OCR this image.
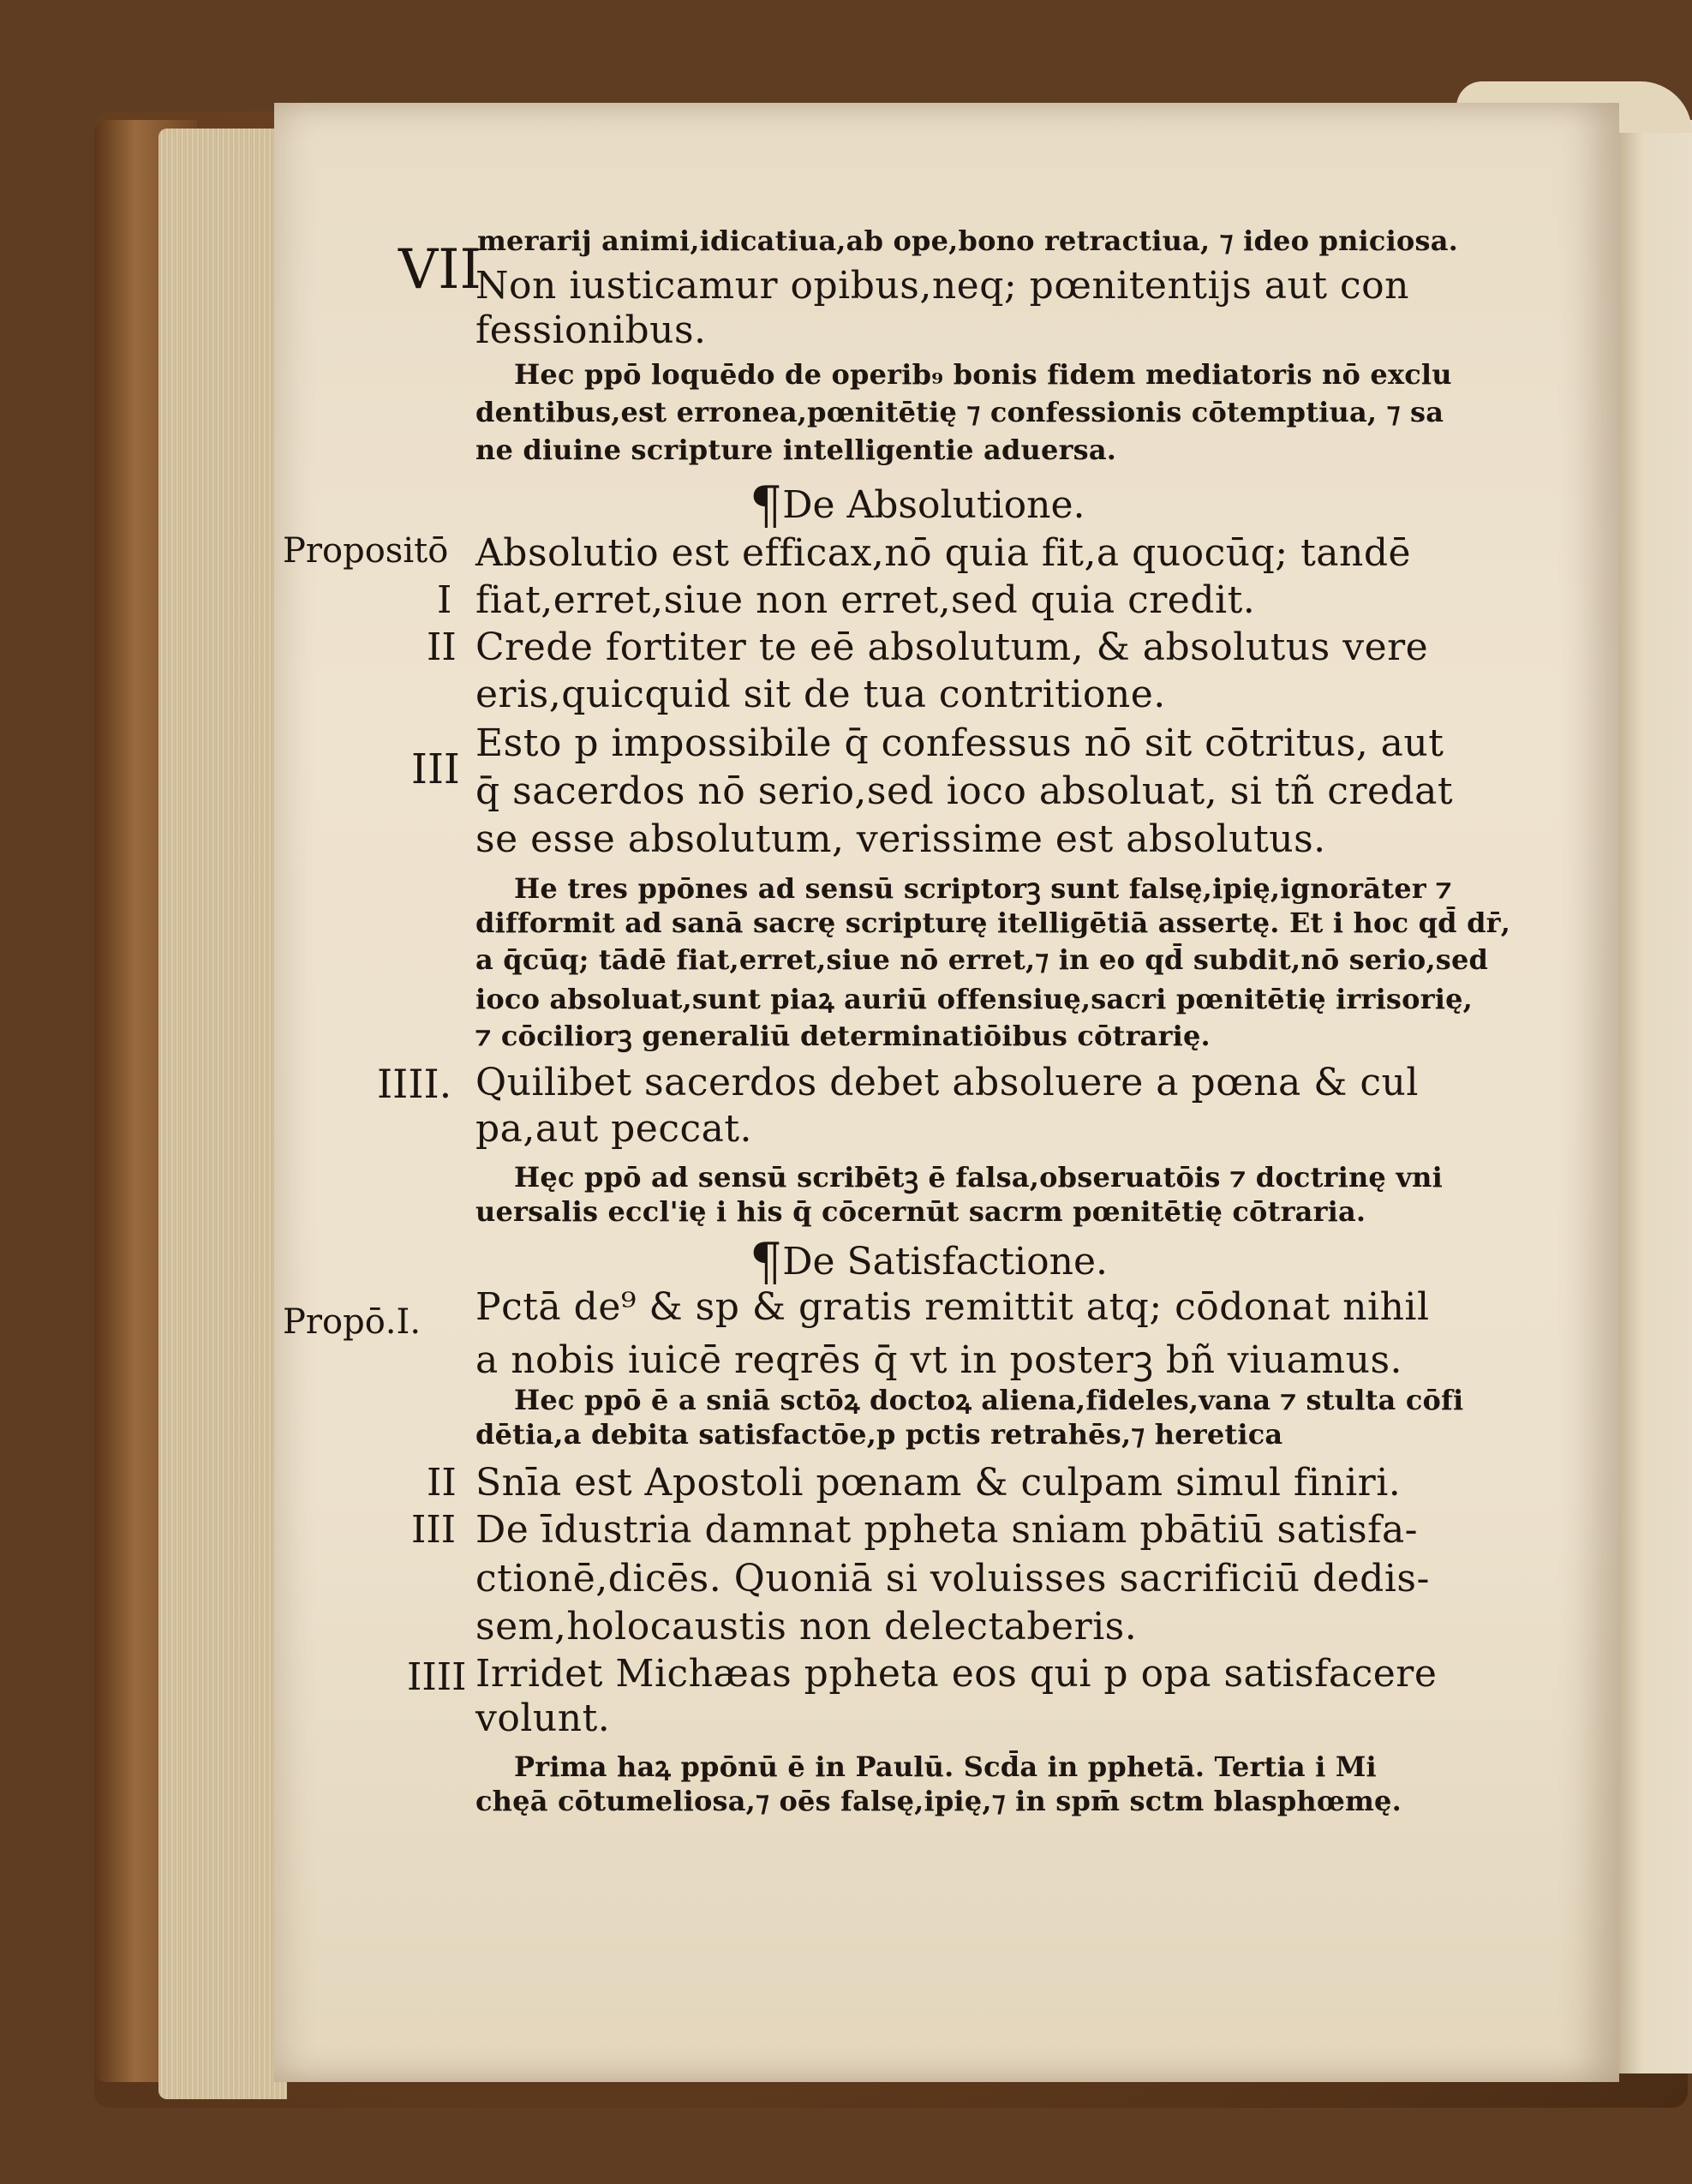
merarij animi,idicatiua,ab ope,bono retractiua, ⁊ ideo pniciosa.
VII
Non iusticamur opibus,neq; pœnitentijs aut con
fessionibus.
Hec ppō loquēdo de operib₉ bonis fidem mediatoris nō exclu
dentibus,est erronea,pœnitētię ⁊ confessionis cōtemptiua, ⁊ sa
ne diuine scripture intelligentie aduersa.
¶De Absolutione.
Propositō Absolutio est efficax,nō quia fit,a quocūq; tandē
I fiat,erret,siue non erret,sed quia credit.
II Crede fortiter te eē absolutum, & absolutus vere
eris,quicquid sit de tua contritione.
Esto p impossibile q̄ confessus nō sit cōtritus, aut
III q̄ sacerdos nō serio,sed ioco absoluat, si tñ credat
se esse absolutum, verissime est absolutus.
He tres ppōnes ad sensū scriptorꝫ sunt falsę,ipię,ignorāter ⁊
difformit ad sanā sacrę scripturę itelligētiā assertę. Et i hoc qd̄ dr̄,
a q̄cūq; tādē fiat,erret,siue nō erret,⁊ in eo qd̄ subdit,nō serio,sed
ioco absoluat,sunt piaꝝ auriū offensiuę,sacri pœnitētię irrisorię,
⁊ cōciliorꝫ generaliū determinatiōibus cōtrarię.
IIII. Quilibet sacerdos debet absoluere a pœna & cul
pa,aut peccat.
Hęc ppō ad sensū scribētꝫ ē falsa,obseruatōis ⁊ doctrinę vni
uersalis eccl'ię i his q̄ cōcernūt sacrm pœnitētię cōtraria.
¶De Satisfactione.
Propō.I. Pctā de⁹ & sp & gratis remittit atq; cōdonat nihil
a nobis iuicē reqrēs q̄ vt in posterꝫ bñ viuamus.
Hec ppō ē a sniā sctōꝝ doctoꝝ aliena,fideles,vana ⁊ stulta cōfi
dētia,a debita satisfactōe,p pctis retrahēs,⁊ heretica
II Snīa est Apostoli pœnam & culpam simul finiri.
III De īdustria damnat ppheta sniam pbātiū satisfa-
ctionē,dicēs. Quoniā si voluisses sacrificiū dedis-
sem,holocaustis non delectaberis.
IIII Irridet Michæas ppheta eos qui p opa satisfacere
volunt.
Prima haꝝ ppōnū ē in Paulū. Scd̄a in pphetā. Tertia i Mi
chęā cōtumeliosa,⁊ oēs falsę,ipię,⁊ in spm̄ sctm blasphœmę.
